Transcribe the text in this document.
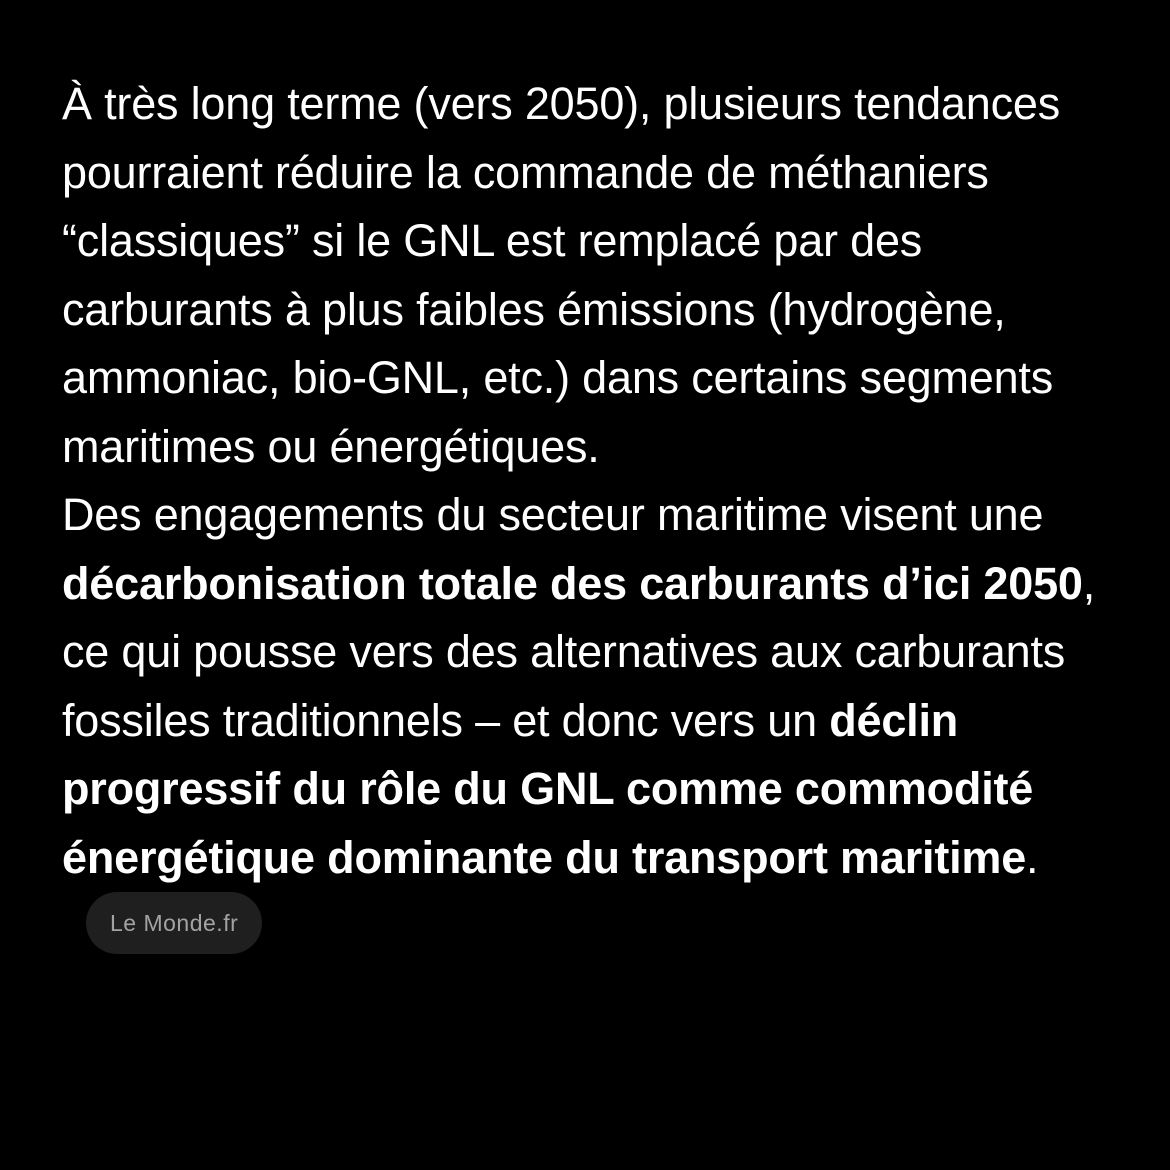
À très long terme (vers 2050), plusieurs tendances pourraient réduire la commande de méthaniers “classiques” si le GNL est remplacé par des carburants à plus faibles émissions (hydrogène, ammoniac, bio-GNL, etc.) dans certains segments maritimes ou énergétiques.

Des engagements du secteur maritime visent une décarbonisation totale des carburants d’ici 2050, ce qui pousse vers des alternatives aux carburants fossiles traditionnels – et donc vers un déclin progressif du rôle du GNL comme commodité énergétique dominante du transport maritime.Le Monde.fr
